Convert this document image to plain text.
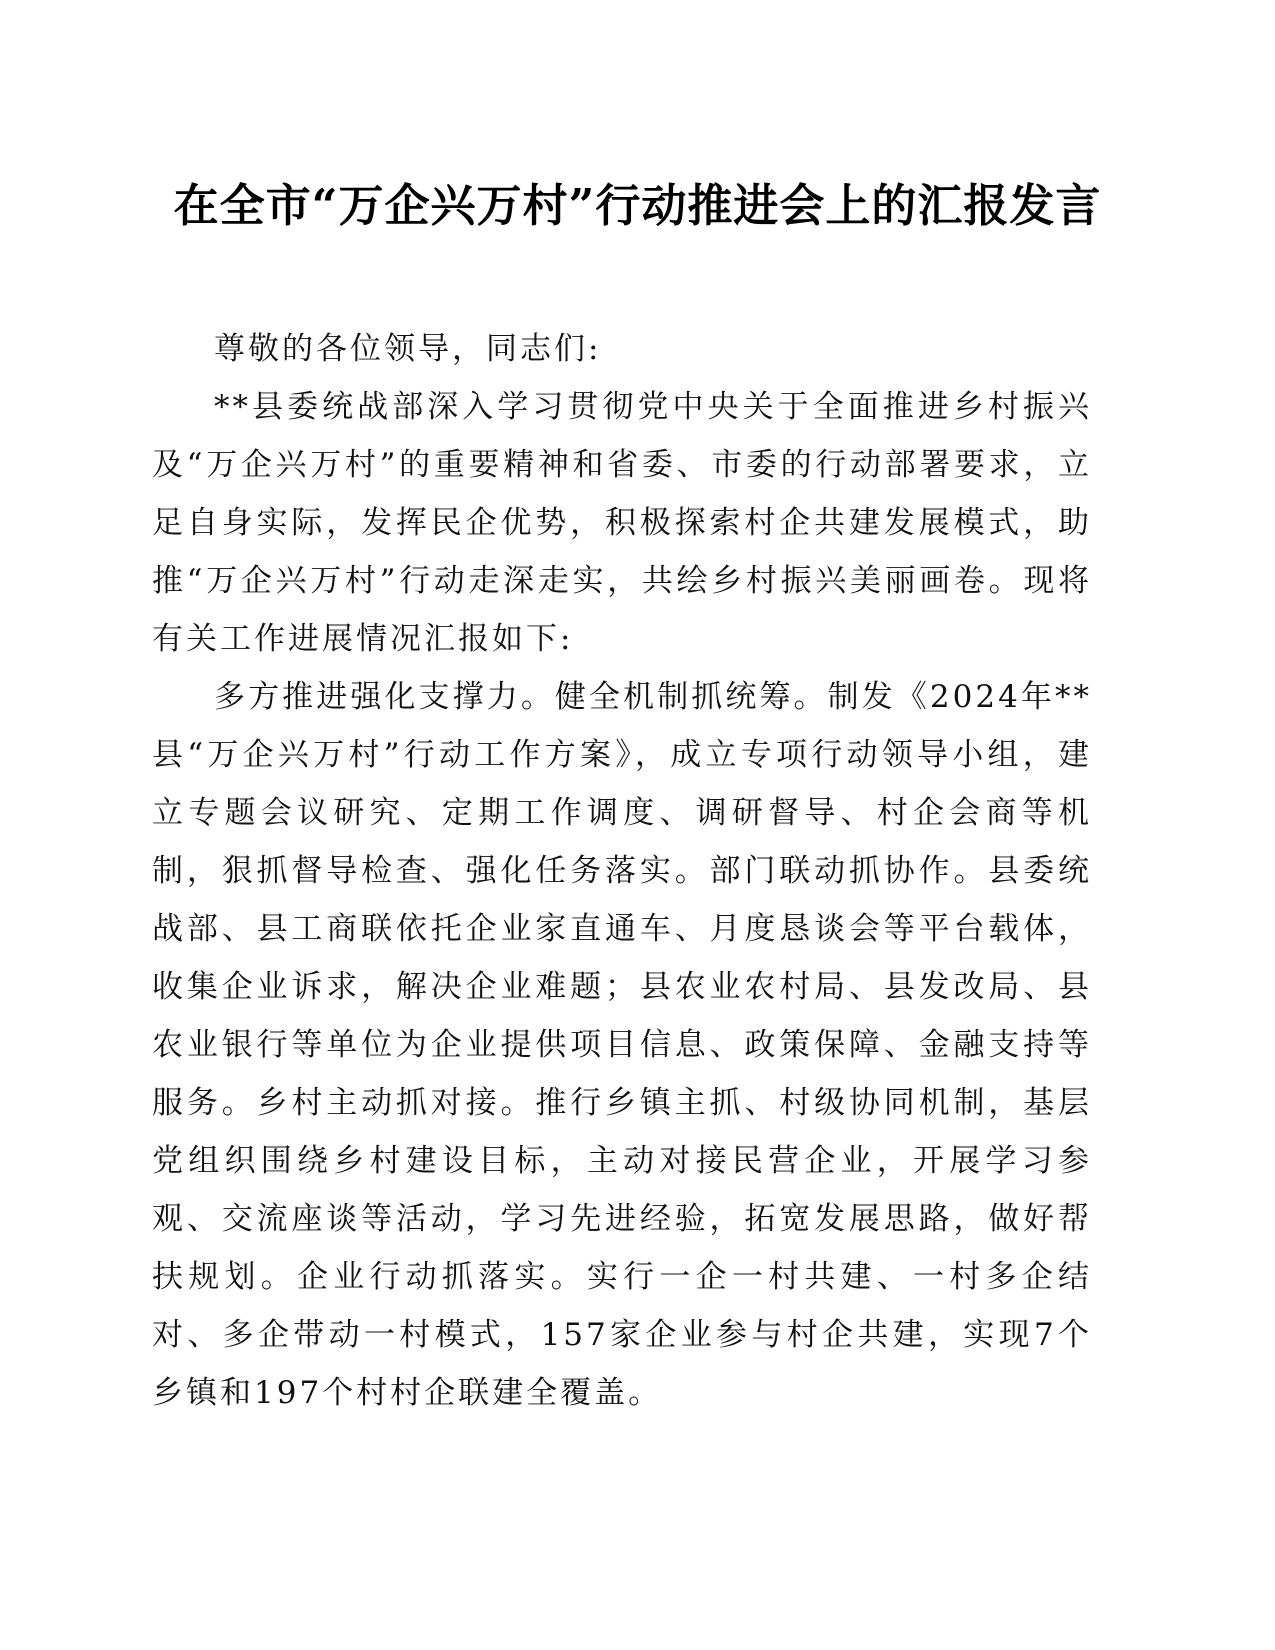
在全市“万企兴万村”行动推进会上的汇报发言

尊敬的各位领导，同志们:

**县委统战部深入学习贯彻党中央关于全面推进乡村振兴及“万企兴万村”的重要精神和省委、市委的行动部署要求，立足自身实际，发挥民企优势，积极探索村企共建发展模式，助推“万企兴万村”行动走深走实，共绘乡村振兴美丽画卷。现将有关工作进展情况汇报如下:

多方推进强化支撑力。健全机制抓统筹。制发《2024年**县“万企兴万村”行动工作方案》，成立专项行动领导小组，建立专题会议研究、定期工作调度、调研督导、村企会商等机制，狠抓督导检查、强化任务落实。部门联动抓协作。县委统战部、县工商联依托企业家直通车、月度恳谈会等平台载体，收集企业诉求，解决企业难题；县农业农村局、县发改局、县农业银行等单位为企业提供项目信息、政策保障、金融支持等服务。乡村主动抓对接。推行乡镇主抓、村级协同机制，基层党组织围绕乡村建设目标，主动对接民营企业，开展学习参观、交流座谈等活动，学习先进经验，拓宽发展思路，做好帮扶规划。企业行动抓落实。实行一企一村共建、一村多企结对、多企带动一村模式，157家企业参与村企共建，实现7个乡镇和197个村村企联建全覆盖。
